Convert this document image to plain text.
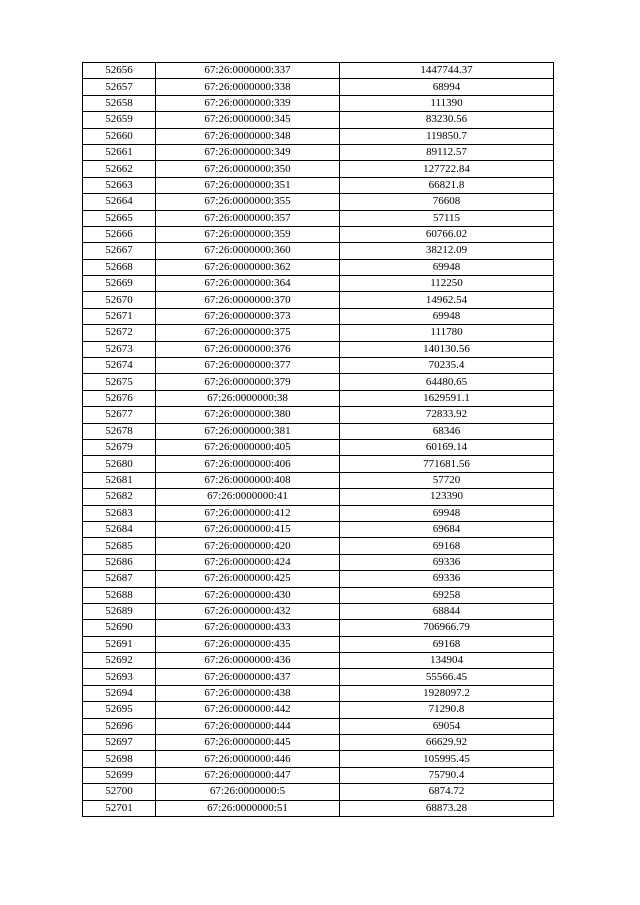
52656	67:26:0000000:337	1447744.37
52657	67:26:0000000:338	68994
52658	67:26:0000000:339	111390
52659	67:26:0000000:345	83230.56
52660	67:26:0000000:348	119850.7
52661	67:26:0000000:349	89112.57
52662	67:26:0000000:350	127722.84
52663	67:26:0000000:351	66821.8
52664	67:26:0000000:355	76608
52665	67:26:0000000:357	57115
52666	67:26:0000000:359	60766.02
52667	67:26:0000000:360	38212.09
52668	67:26:0000000:362	69948
52669	67:26:0000000:364	112250
52670	67:26:0000000:370	14962.54
52671	67:26:0000000:373	69948
52672	67:26:0000000:375	111780
52673	67:26:0000000:376	140130.56
52674	67:26:0000000:377	70235.4
52675	67:26:0000000:379	64480.65
52676	67:26:0000000:38	1629591.1
52677	67:26:0000000:380	72833.92
52678	67:26:0000000:381	68346
52679	67:26:0000000:405	60169.14
52680	67:26:0000000:406	771681.56
52681	67:26:0000000:408	57720
52682	67:26:0000000:41	123390
52683	67:26:0000000:412	69948
52684	67:26:0000000:415	69684
52685	67:26:0000000:420	69168
52686	67:26:0000000:424	69336
52687	67:26:0000000:425	69336
52688	67:26:0000000:430	69258
52689	67:26:0000000:432	68844
52690	67:26:0000000:433	706966.79
52691	67:26:0000000:435	69168
52692	67:26:0000000:436	134904
52693	67:26:0000000:437	55566.45
52694	67:26:0000000:438	1928097.2
52695	67:26:0000000:442	71290.8
52696	67:26:0000000:444	69054
52697	67:26:0000000:445	66629.92
52698	67:26:0000000:446	105995.45
52699	67:26:0000000:447	75790.4
52700	67:26:0000000:5	6874.72
52701	67:26:0000000:51	68873.28
